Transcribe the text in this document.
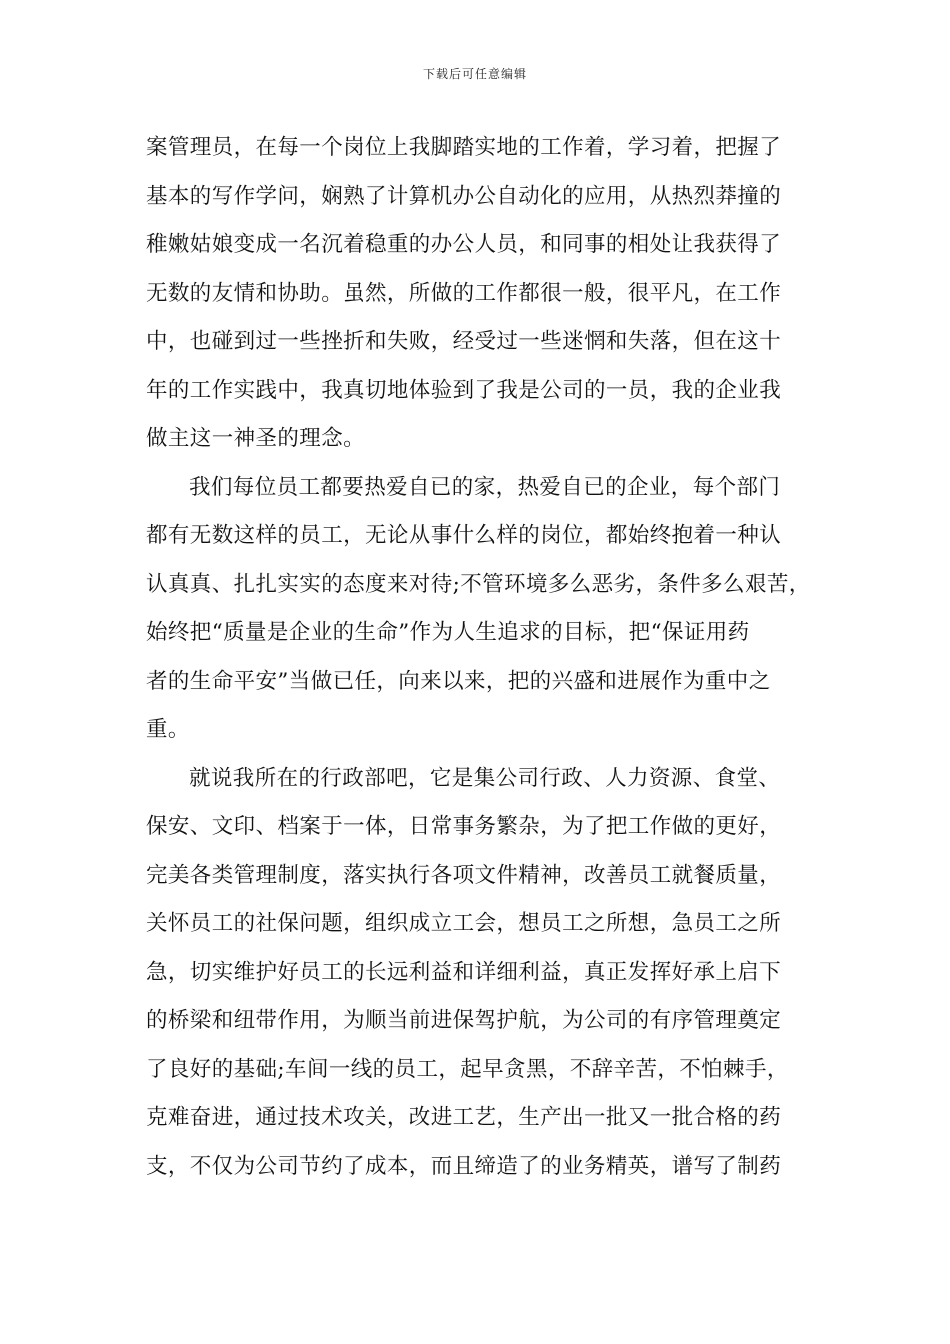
下载后可任意编辑
案管理员，在每一个岗位上我脚踏实地的工作着，学习着，把握了
基本的写作学问，娴熟了计算机办公自动化的应用，从热烈莽撞的
稚嫩姑娘变成一名沉着稳重的办公人员，和同事的相处让我获得了
无数的友情和协助。虽然，所做的工作都很一般，很平凡，在工作
中，也碰到过一些挫折和失败，经受过一些迷惘和失落，但在这十
年的工作实践中，我真切地体验到了我是公司的一员，我的企业我
做主这一神圣的理念。
我们每位员工都要热爱自已的家，热爱自已的企业，每个部门
都有无数这样的员工，无论从事什么样的岗位，都始终抱着一种认
认真真、扎扎实实的态度来对待;不管环境多么恶劣，条件多么艰苦，
始终把“质量是企业的生命”作为人生追求的目标，把“保证用药
者的生命平安”当做已任，向来以来，把的兴盛和进展作为重中之
重。
就说我所在的行政部吧，它是集公司行政、人力资源、食堂、
保安、文印、档案于一体，日常事务繁杂，为了把工作做的更好，
完美各类管理制度，落实执行各项文件精神，改善员工就餐质量，
关怀员工的社保问题，组织成立工会，想员工之所想，急员工之所
急，切实维护好员工的长远利益和详细利益，真正发挥好承上启下
的桥梁和纽带作用，为顺当前进保驾护航，为公司的有序管理奠定
了良好的基础;车间一线的员工，起早贪黑，不辞辛苦，不怕棘手，
克难奋进，通过技术攻关，改进工艺，生产出一批又一批合格的药
支，不仅为公司节约了成本，而且缔造了的业务精英，谱写了制药
